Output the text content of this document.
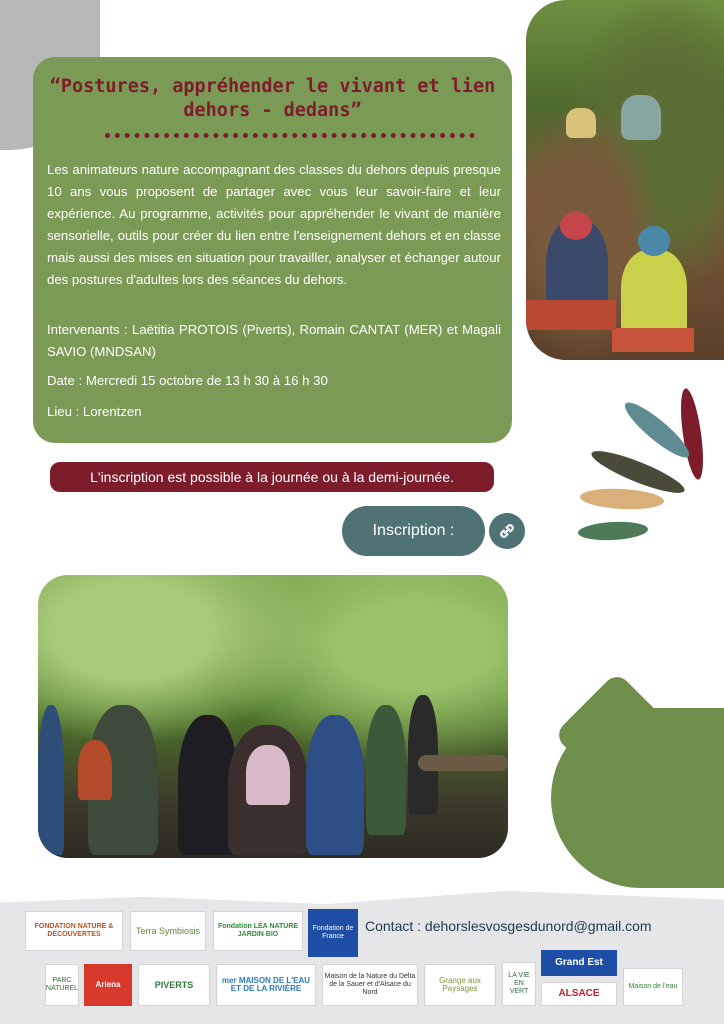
“Postures, appréhender le vivant et lien dehors - dedans”
Les animateurs nature accompagnant des classes du dehors depuis presque 10 ans vous proposent de partager avec vous leur savoir-faire et leur expérience. Au programme, activités pour appréhender le vivant de manière sensorielle, outils pour créer du lien entre l'enseignement dehors et en classe mais aussi des mises en situation pour travailler, analyser et échanger autour des postures d'adultes lors des séances du dehors.
Intervenants : Laëtitia PROTOIS (Piverts), Romain CANTAT (MER) et Magali SAVIO (MNDSAN)
Date : Mercredi 15 octobre de 13 h 30 à 16 h 30
Lieu : Lorentzen
L'inscription est possible à la journée ou à la demi-journée.
Inscription :
FONDATION NATURE & DÉCOUVERTES	Terra Symbiosis	Fondation LÉA NATURE JARDIN BIO
Fondation de France
Contact : dehorslesvosgesdunord@gmail.com
PARC NATUREL	Ariena	PIVERTS	mer MAISON DE L'EAU ET DE LA RIVIÈRE
Maison de la Nature du Delta de la Sauer et d'Alsace du Nord
Grange aux Paysages
LA VIE EN VERT
Grand Est
ALSACE
Maison de l'eau
